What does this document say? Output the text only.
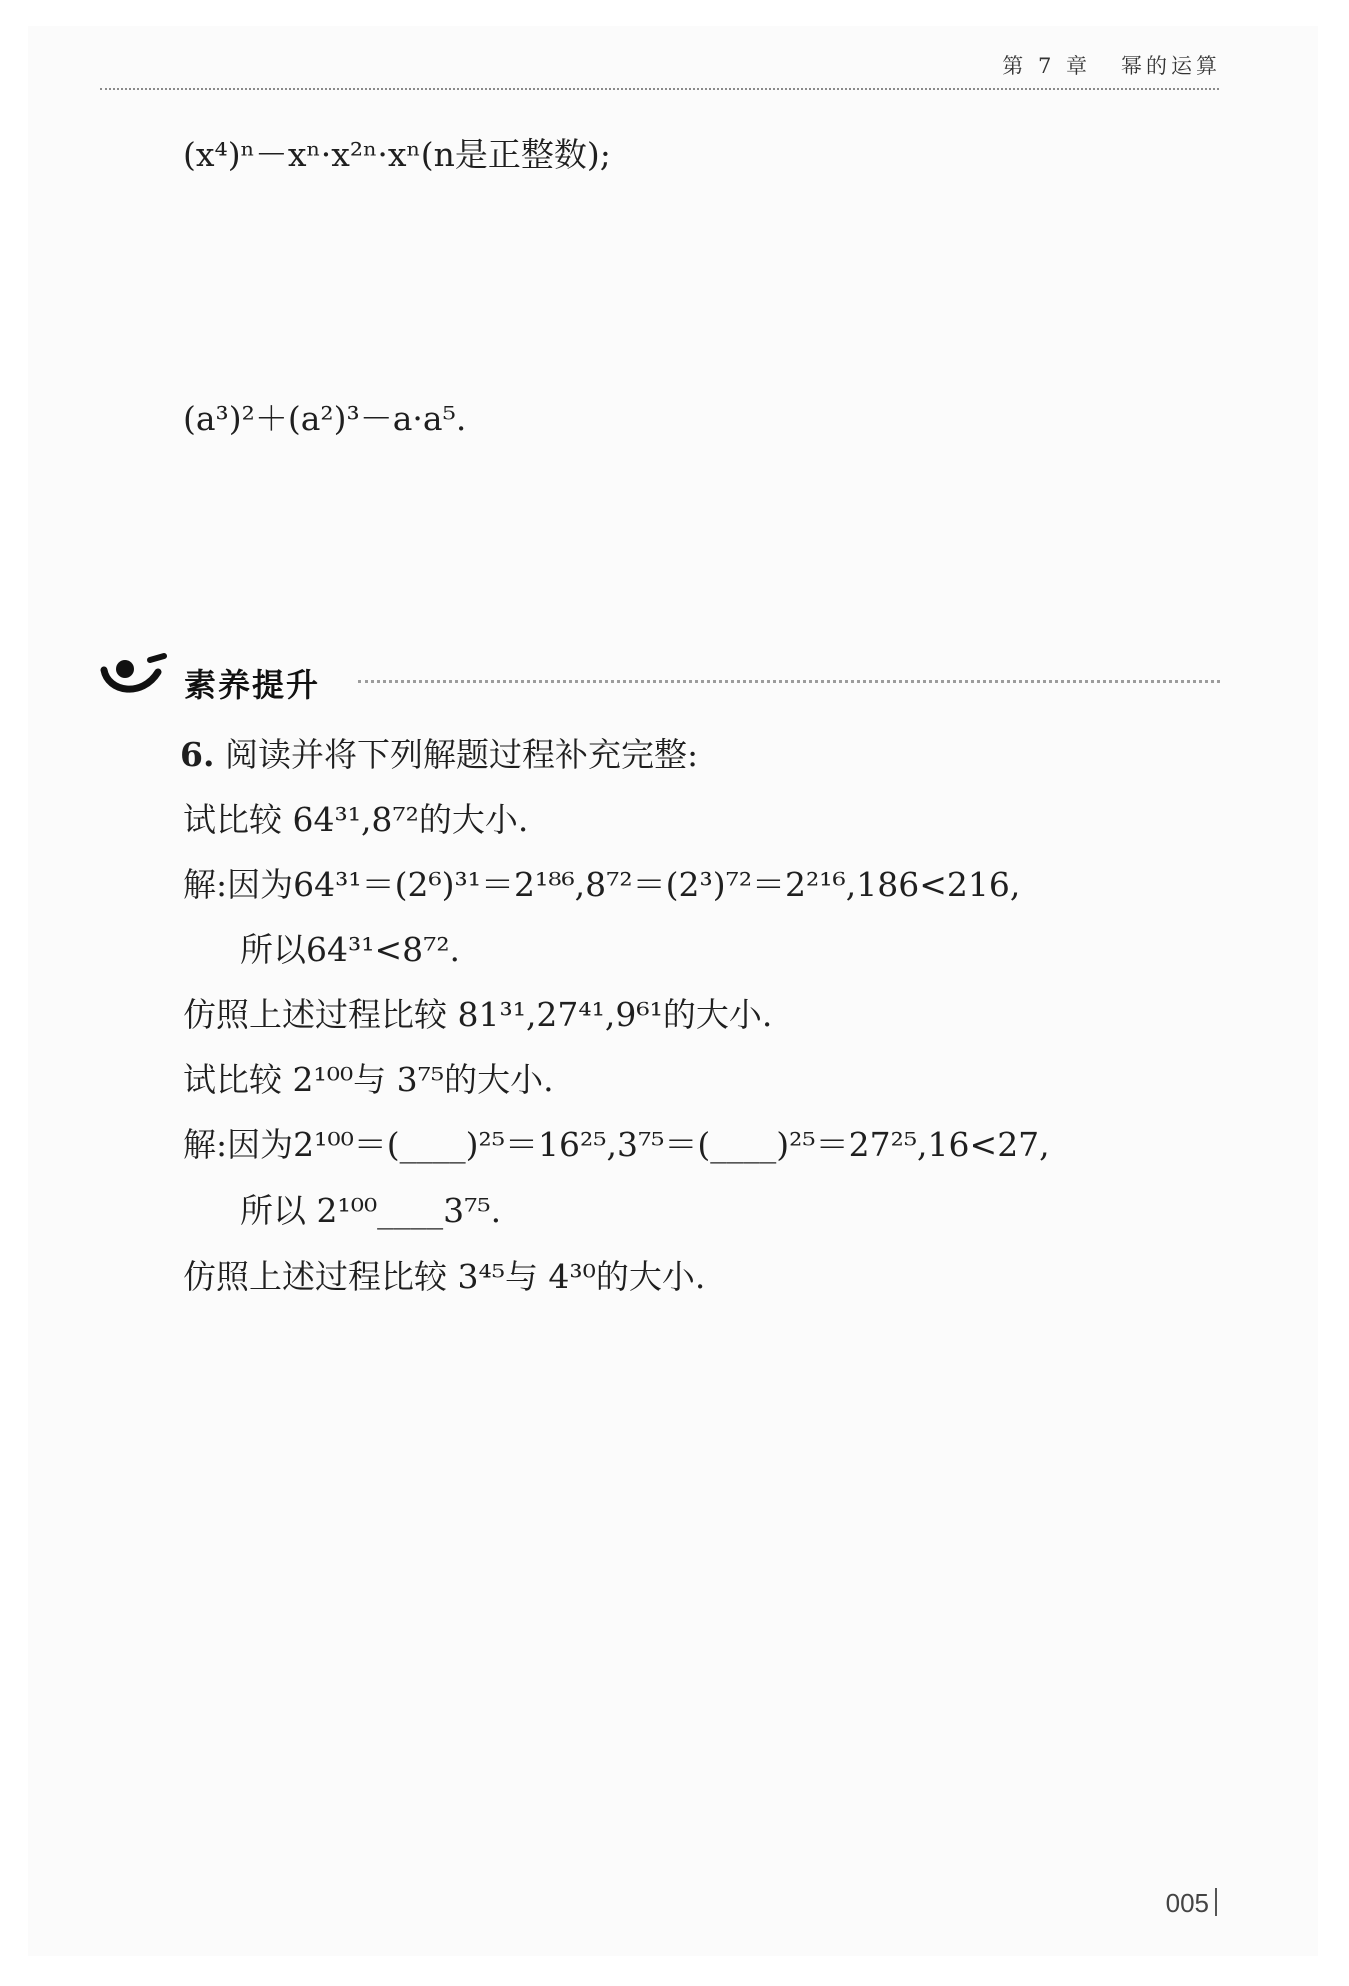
第 7 章 幂的运算
(x⁴)ⁿ－xⁿ·x²ⁿ·xⁿ(n是正整数);
(a³)²＋(a²)³－a·a⁵.
素养提升
6. 阅读并将下列解题过程补充完整:
试比较 64³¹,8⁷²的大小.
解:因为64³¹＝(2⁶)³¹＝2¹⁸⁶,8⁷²＝(2³)⁷²＝2²¹⁶,186<216,
所以64³¹<8⁷².
仿照上述过程比较 81³¹,27⁴¹,9⁶¹的大小.
试比较 2¹⁰⁰与 3⁷⁵的大小.
解:因为2¹⁰⁰＝(____)²⁵＝16²⁵,3⁷⁵＝(____)²⁵＝27²⁵,16<27,
所以 2¹⁰⁰____3⁷⁵.
仿照上述过程比较 3⁴⁵与 4³⁰的大小.
005
